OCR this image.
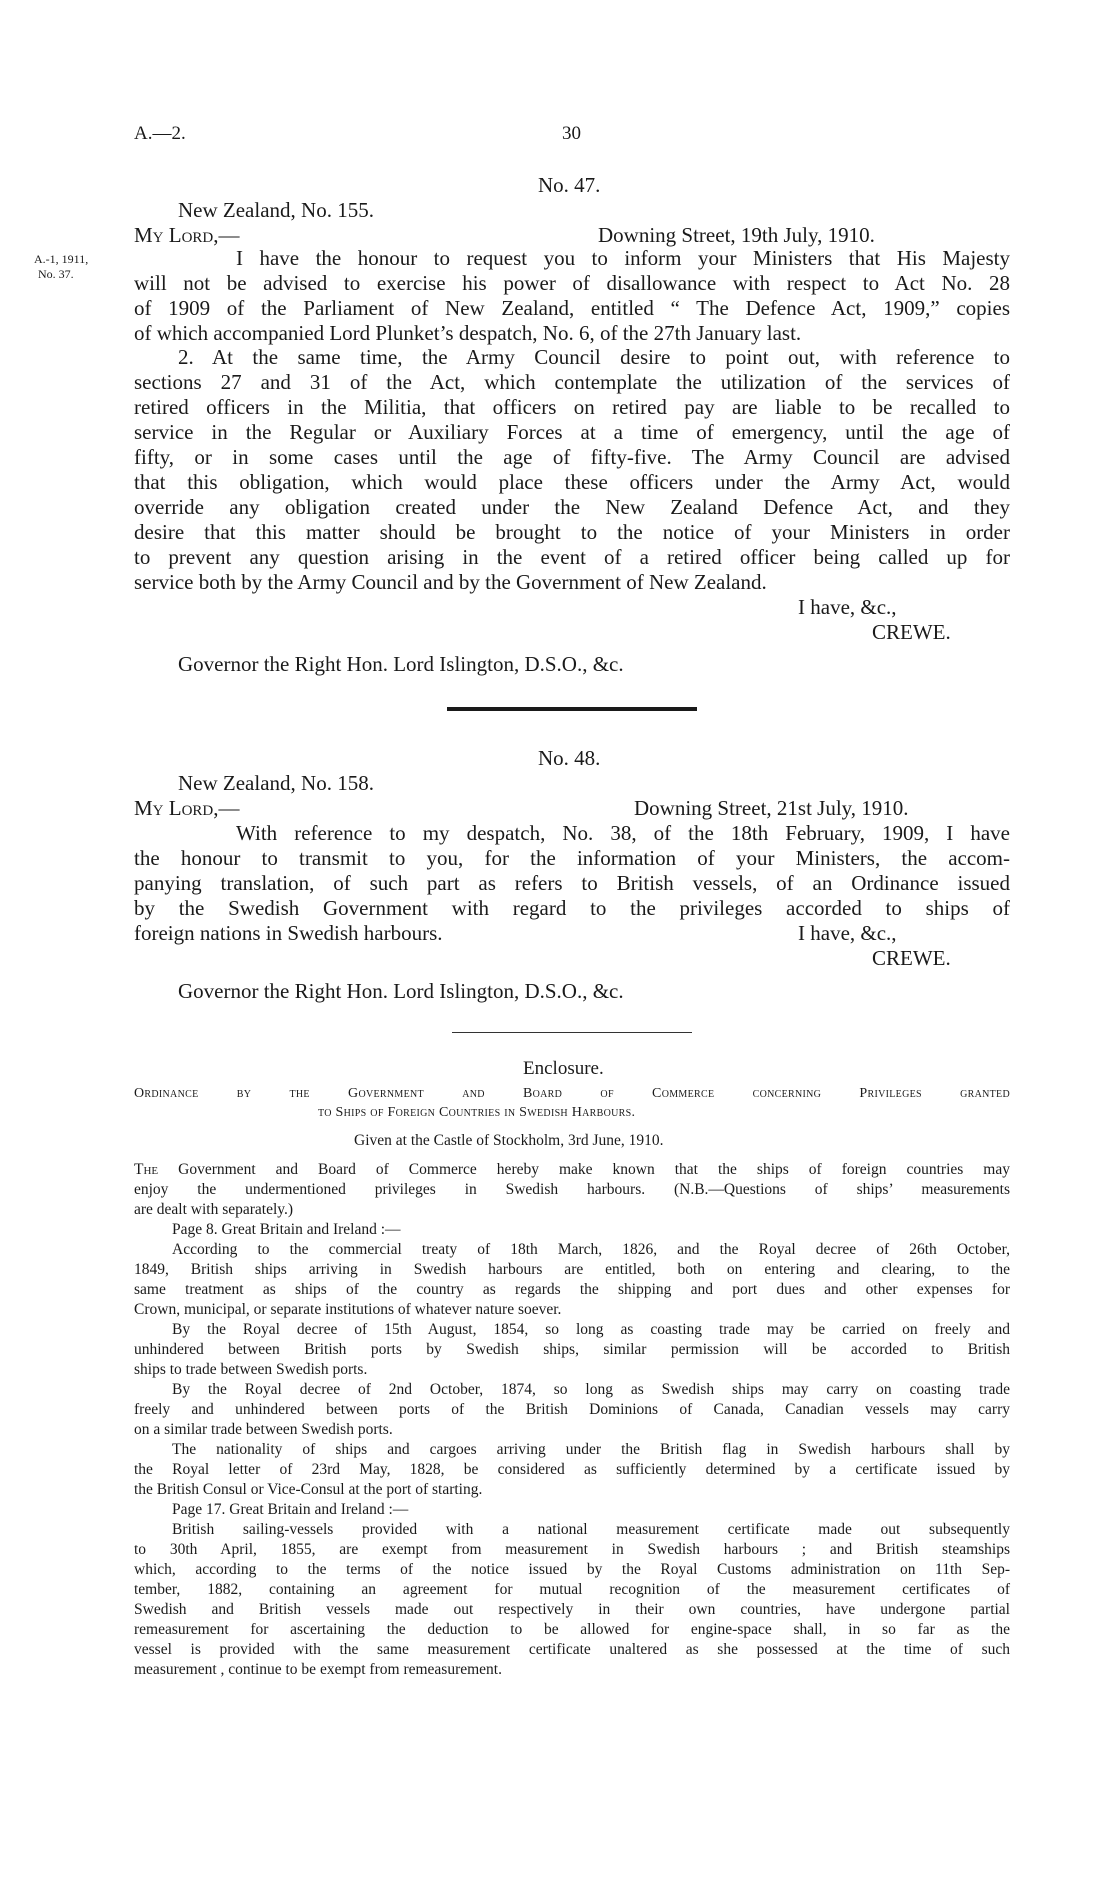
A.—2.	30
A.-1, 1911,
No. 37.
No. 47.
New Zealand, No. 155.
My Lord,—	Downing Street, 19th July, 1910.
I have the honour to request you to inform your Ministers that His Majesty
will not be advised to exercise his power of disallowance with respect to Act No. 28
of 1909 of the Parliament of New Zealand, entitled “ The Defence Act, 1909,” copies
of which accompanied Lord Plunket’s despatch, No. 6, of the 27th January last.
2. At the same time, the Army Council desire to point out, with reference to
sections 27 and 31 of the Act, which contemplate the utilization of the services of
retired officers in the Militia, that officers on retired pay are liable to be recalled to
service in the Regular or Auxiliary Forces at a time of emergency, until the age of
fifty, or in some cases until the age of fifty-five. The Army Council are advised
that this obligation, which would place these officers under the Army Act, would
override any obligation created under the New Zealand Defence Act, and they
desire that this matter should be brought to the notice of your Ministers in order
to prevent any question arising in the event of a retired officer being called up for
service both by the Army Council and by the Government of New Zealand.
I have, &c.,
CREWE.
Governor the Right Hon. Lord Islington, D.S.O., &c.
No. 48.
New Zealand, No. 158.
My Lord,—	Downing Street, 21st July, 1910.
With reference to my despatch, No. 38, of the 18th February, 1909, I have
the honour to transmit to you, for the information of your Ministers, the accom-
panying translation, of such part as refers to British vessels, of an Ordinance issued
by the Swedish Government with regard to the privileges accorded to ships of
foreign nations in Swedish harbours.	I have, &c.,
CREWE.
Governor the Right Hon. Lord Islington, D.S.O., &c.
Enclosure.
Ordinance by the Government and Board of Commerce concerning Privileges granted
to Ships of Foreign Countries in Swedish Harbours.
Given at the Castle of Stockholm, 3rd June, 1910.
The Government and Board of Commerce hereby make known that the ships of foreign countries may
enjoy the undermentioned privileges in Swedish harbours. (N.B.—Questions of ships’ measurements
are dealt with separately.)
Page 8. Great Britain and Ireland :—
According to the commercial treaty of 18th March, 1826, and the Royal decree of 26th October,
1849, British ships arriving in Swedish harbours are entitled, both on entering and clearing, to the
same treatment as ships of the country as regards the shipping and port dues and other expenses for
Crown, municipal, or separate institutions of whatever nature soever.
By the Royal decree of 15th August, 1854, so long as coasting trade may be carried on freely and
unhindered between British ports by Swedish ships, similar permission will be accorded to British
ships to trade between Swedish ports.
By the Royal decree of 2nd October, 1874, so long as Swedish ships may carry on coasting trade
freely and unhindered between ports of the British Dominions of Canada, Canadian vessels may carry
on a similar trade between Swedish ports.
The nationality of ships and cargoes arriving under the British flag in Swedish harbours shall by
the Royal letter of 23rd May, 1828, be considered as sufficiently determined by a certificate issued by
the British Consul or Vice-Consul at the port of starting.
Page 17. Great Britain and Ireland :—
British sailing-vessels provided with a national measurement certificate made out subsequently
to 30th April, 1855, are exempt from measurement in Swedish harbours ; and British steamships
which, according to the terms of the notice issued by the Royal Customs administration on 11th Sep-
tember, 1882, containing an agreement for mutual recognition of the measurement certificates of
Swedish and British vessels made out respectively in their own countries, have undergone partial
remeasurement for ascertaining the deduction to be allowed for engine-space shall, in so far as the
vessel is provided with the same measurement certificate unaltered as she possessed at the time of such
measurement , continue to be exempt from remeasurement.
